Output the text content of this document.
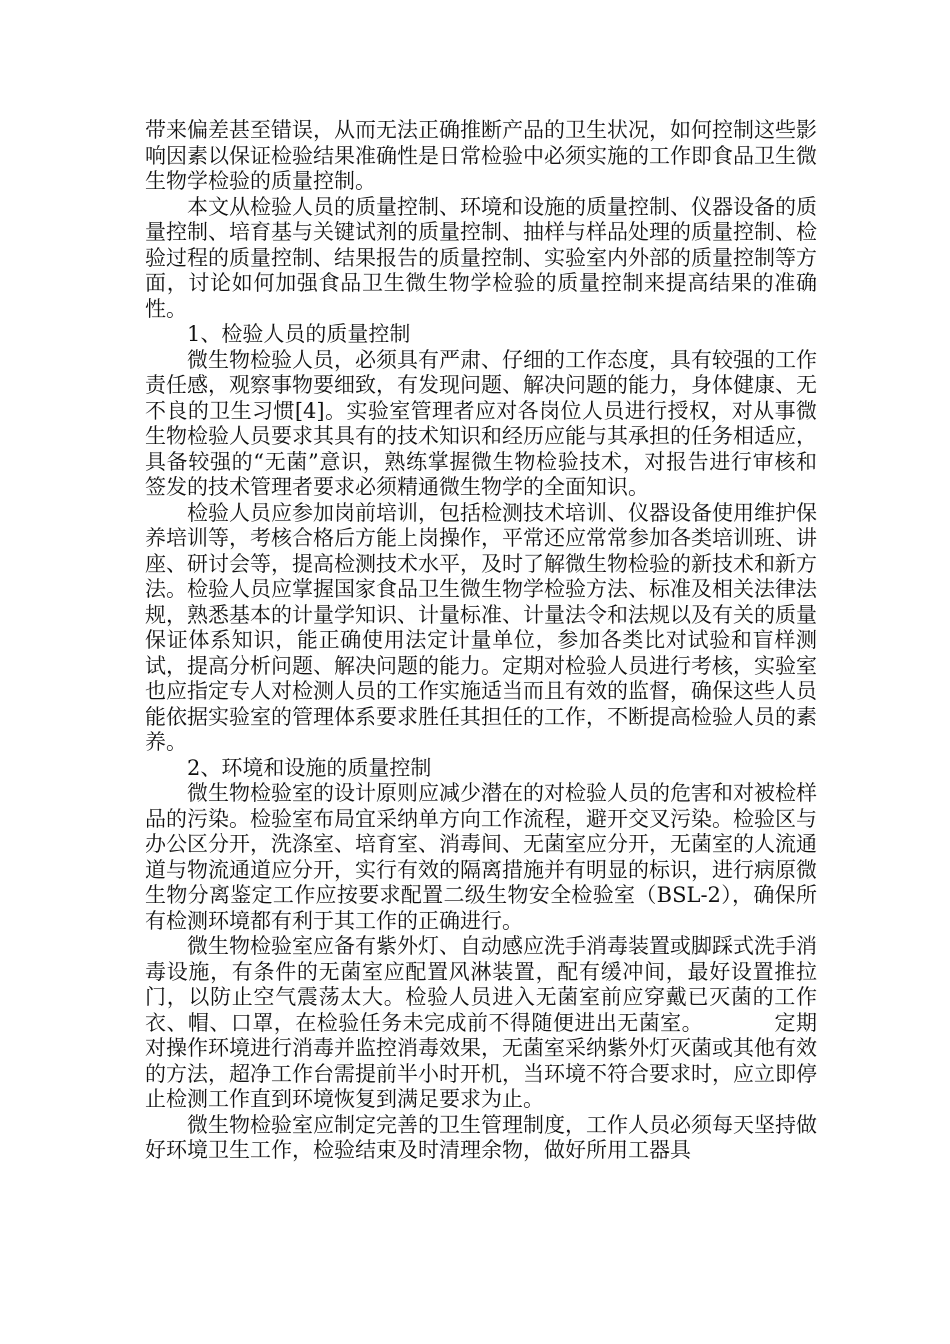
带来偏差甚至错误，从而无法正确推断产品的卫生状况，如何控制这些影响因素以保证检验结果准确性是日常检验中必须实施的工作即食品卫生微生物学检验的质量控制。

本文从检验人员的质量控制、环境和设施的质量控制、仪器设备的质量控制、培育基与关键试剂的质量控制、抽样与样品处理的质量控制、检验过程的质量控制、结果报告的质量控制、实验室内外部的质量控制等方面，讨论如何加强食品卫生微生物学检验的质量控制来提高结果的准确性。

1、检验人员的质量控制

微生物检验人员，必须具有严肃、仔细的工作态度，具有较强的工作责任感，观察事物要细致，有发现问题、解决问题的能力，身体健康、无不良的卫生习惯[4]。实验室管理者应对各岗位人员进行授权，对从事微生物检验人员要求其具有的技术知识和经历应能与其承担的任务相适应，具备较强的“无菌”意识，熟练掌握微生物检验技术，对报告进行审核和签发的技术管理者要求必须精通微生物学的全面知识。

检验人员应参加岗前培训，包括检测技术培训、仪器设备使用维护保养培训等，考核合格后方能上岗操作，平常还应常常参加各类培训班、讲座、研讨会等，提高检测技术水平，及时了解微生物检验的新技术和新方法。检验人员应掌握国家食品卫生微生物学检验方法、标准及相关法律法规，熟悉基本的计量学知识、计量标准、计量法令和法规以及有关的质量保证体系知识，能正确使用法定计量单位，参加各类比对试验和盲样测试，提高分析问题、解决问题的能力。定期对检验人员进行考核，实验室也应指定专人对检测人员的工作实施适当而且有效的监督，确保这些人员能依据实验室的管理体系要求胜任其担任的工作，不断提高检验人员的素养。

2、环境和设施的质量控制

微生物检验室的设计原则应减少潜在的对检验人员的危害和对被检样品的污染。检验室布局宜采纳单方向工作流程，避开交叉污染。检验区与办公区分开，洗涤室、培育室、消毒间、无菌室应分开，无菌室的人流通道与物流通道应分开，实行有效的隔离措施并有明显的标识，进行病原微生物分离鉴定工作应按要求配置二级生物安全检验室（BSL-2），确保所有检测环境都有利于其工作的正确进行。

微生物检验室应备有紫外灯、自动感应洗手消毒装置或脚踩式洗手消毒设施，有条件的无菌室应配置风淋装置，配有缓冲间，最好设置推拉门，以防止空气震荡太大。检验人员进入无菌室前应穿戴已灭菌的工作衣、帽、口罩，在检验任务未完成前不得随便进出无菌室。          定期对操作环境进行消毒并监控消毒效果，无菌室采纳紫外灯灭菌或其他有效的方法，超净工作台需提前半小时开机，当环境不符合要求时，应立即停止检测工作直到环境恢复到满足要求为止。

微生物检验室应制定完善的卫生管理制度，工作人员必须每天坚持做好环境卫生工作，检验结束及时清理余物，做好所用工器具
